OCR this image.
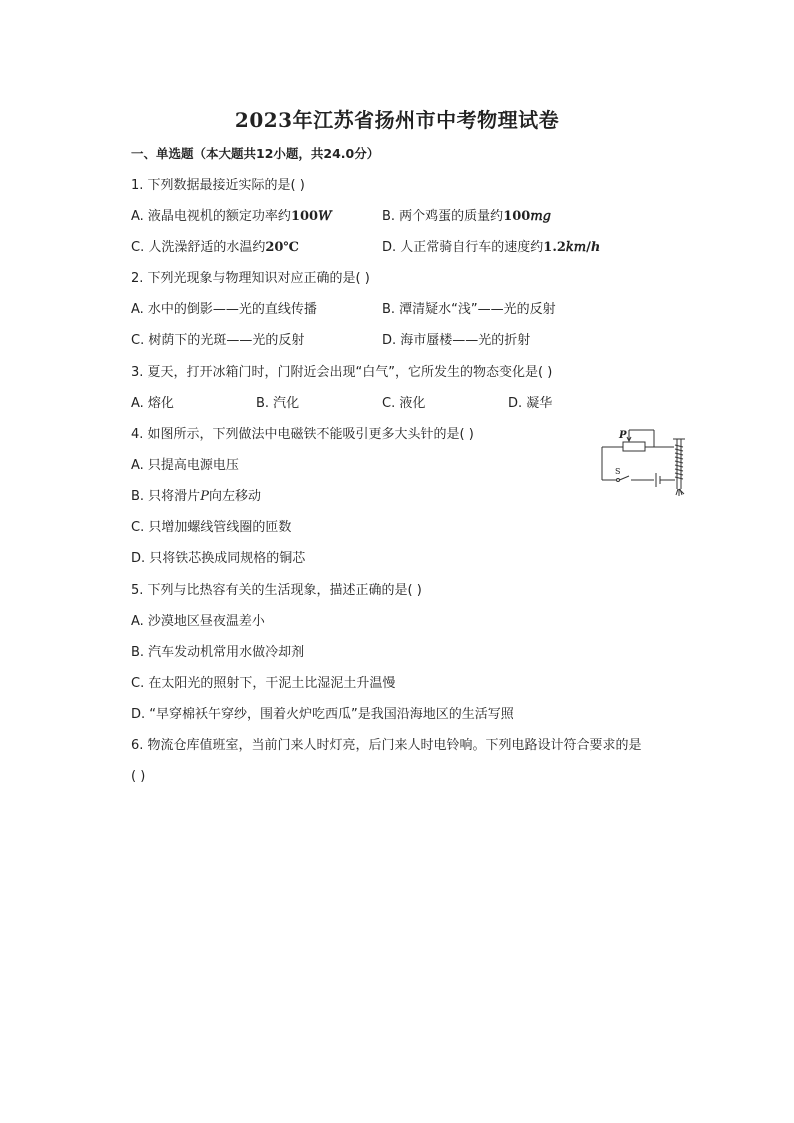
2023年江苏省扬州市中考物理试卷
一、单选题（本大题共12小题，共24.0分）
1. 下列数据最接近实际的是( )
A. 液晶电视机的额定功率约100𝑊	B. 两个鸡蛋的质量约100𝑚𝑔
C. 人洗澡舒适的水温约20℃	D. 人正常骑自行车的速度约1.2𝑘𝑚/ℎ
2. 下列光现象与物理知识对应正确的是( )
A. 水中的倒影——光的直线传播	B. 潭清疑水“浅”——光的反射
C. 树荫下的光斑——光的反射	D. 海市蜃楼——光的折射
3. 夏天，打开冰箱门时，门附近会出现“白气”，它所发生的物态变化是( )
A. 熔化	B. 汽化	C. 液化	D. 凝华
4. 如图所示，下列做法中电磁铁不能吸引更多大头针的是( )
A. 只提高电源电压
B. 只将滑片𝑃向左移动
C. 只增加螺线管线圈的匝数
D. 只将铁芯换成同规格的铜芯
P
S
5. 下列与比热容有关的生活现象，描述正确的是( )
A. 沙漠地区昼夜温差小
B. 汽车发动机常用水做冷却剂
C. 在太阳光的照射下，干泥土比湿泥土升温慢
D. “早穿棉袄午穿纱，围着火炉吃西瓜”是我国沿海地区的生活写照
6. 物流仓库值班室，当前门来人时灯亮，后门来人时电铃响。下列电路设计符合要求的是
( )
